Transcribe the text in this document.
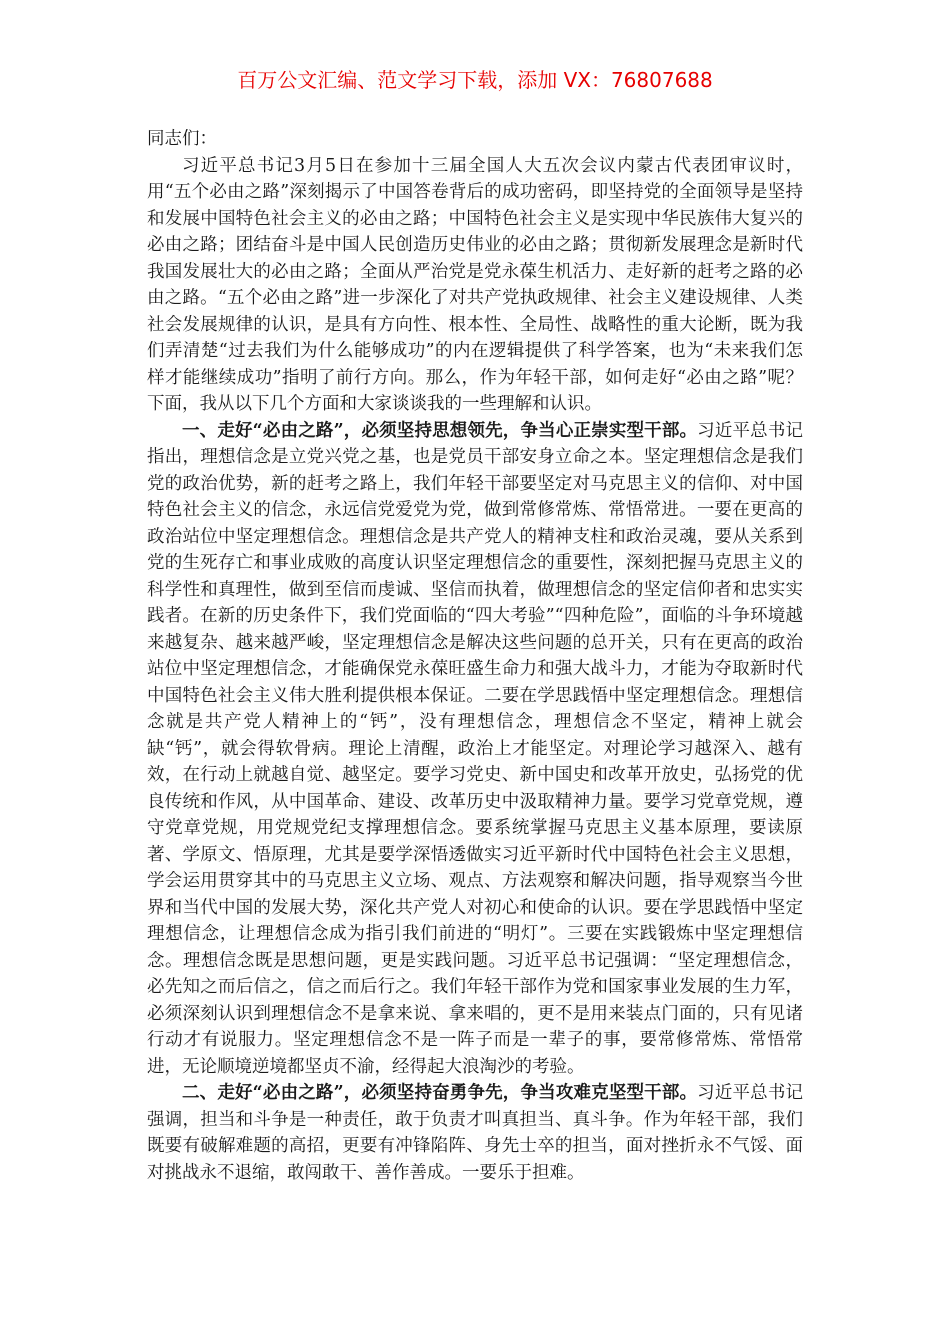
百万公文汇编、范文学习下载，添加 VX：76807688

同志们：

习近平总书记3月5日在参加十三届全国人大五次会议内蒙古代表团审议时，用“五个必由之路”深刻揭示了中国答卷背后的成功密码，即坚持党的全面领导是坚持和发展中国特色社会主义的必由之路；中国特色社会主义是实现中华民族伟大复兴的必由之路；团结奋斗是中国人民创造历史伟业的必由之路；贯彻新发展理念是新时代我国发展壮大的必由之路；全面从严治党是党永葆生机活力、走好新的赶考之路的必由之路。“五个必由之路”进一步深化了对共产党执政规律、社会主义建设规律、人类社会发展规律的认识，是具有方向性、根本性、全局性、战略性的重大论断，既为我们弄清楚“过去我们为什么能够成功”的内在逻辑提供了科学答案，也为“未来我们怎样才能继续成功”指明了前行方向。那么，作为年轻干部，如何走好“必由之路”呢？下面，我从以下几个方面和大家谈谈我的一些理解和认识。

一、走好“必由之路”，必须坚持思想领先，争当心正崇实型干部。习近平总书记指出，理想信念是立党兴党之基，也是党员干部安身立命之本。坚定理想信念是我们党的政治优势，新的赶考之路上，我们年轻干部要坚定对马克思主义的信仰、对中国特色社会主义的信念，永远信党爱党为党，做到常修常炼、常悟常进。一要在更高的政治站位中坚定理想信念。理想信念是共产党人的精神支柱和政治灵魂，要从关系到党的生死存亡和事业成败的高度认识坚定理想信念的重要性，深刻把握马克思主义的科学性和真理性，做到至信而虔诚、坚信而执着，做理想信念的坚定信仰者和忠实实践者。在新的历史条件下，我们党面临的“四大考验”“四种危险”，面临的斗争环境越来越复杂、越来越严峻，坚定理想信念是解决这些问题的总开关，只有在更高的政治站位中坚定理想信念，才能确保党永葆旺盛生命力和强大战斗力，才能为夺取新时代中国特色社会主义伟大胜利提供根本保证。二要在学思践悟中坚定理想信念。理想信念就是共产党人精神上的“钙”，没有理想信念，理想信念不坚定，精神上就会缺“钙”，就会得软骨病。理论上清醒，政治上才能坚定。对理论学习越深入、越有效，在行动上就越自觉、越坚定。要学习党史、新中国史和改革开放史，弘扬党的优良传统和作风，从中国革命、建设、改革历史中汲取精神力量。要学习党章党规，遵守党章党规，用党规党纪支撑理想信念。要系统掌握马克思主义基本原理，要读原著、学原文、悟原理，尤其是要学深悟透做实习近平新时代中国特色社会主义思想，学会运用贯穿其中的马克思主义立场、观点、方法观察和解决问题，指导观察当今世界和当代中国的发展大势，深化共产党人对初心和使命的认识。要在学思践悟中坚定理想信念，让理想信念成为指引我们前进的“明灯”。三要在实践锻炼中坚定理想信念。理想信念既是思想问题，更是实践问题。习近平总书记强调：“坚定理想信念，必先知之而后信之，信之而后行之。我们年轻干部作为党和国家事业发展的生力军，必须深刻认识到理想信念不是拿来说、拿来唱的，更不是用来装点门面的，只有见诸行动才有说服力。坚定理想信念不是一阵子而是一辈子的事，要常修常炼、常悟常进，无论顺境逆境都坚贞不渝，经得起大浪淘沙的考验。

二、走好“必由之路”，必须坚持奋勇争先，争当攻难克坚型干部。习近平总书记强调，担当和斗争是一种责任，敢于负责才叫真担当、真斗争。作为年轻干部，我们既要有破解难题的高招，更要有冲锋陷阵、身先士卒的担当，面对挫折永不气馁、面对挑战永不退缩，敢闯敢干、善作善成。一要乐于担难。
